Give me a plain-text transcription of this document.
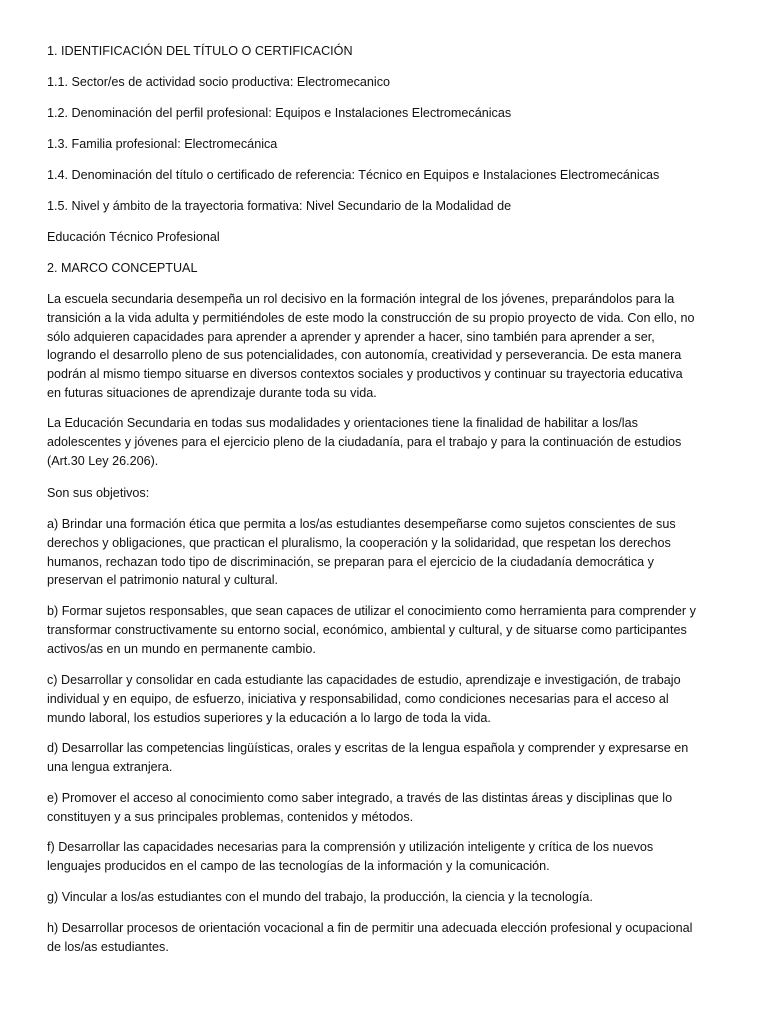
1. IDENTIFICACIÓN DEL TÍTULO O CERTIFICACIÓN

1.1. Sector/es de actividad socio productiva: Electromecanico

1.2. Denominación del perfil profesional: Equipos e Instalaciones Electromecánicas

1.3. Familia profesional: Electromecánica

1.4. Denominación del título o certificado de referencia: Técnico en Equipos e Instalaciones Electromecánicas

1.5. Nivel y ámbito de la trayectoria formativa: Nivel Secundario de la Modalidad de

Educación Técnico Profesional

2. MARCO CONCEPTUAL

La escuela secundaria desempeña un rol decisivo en la formación integral de los jóvenes, preparándolos para la
transición a la vida adulta y permitiéndoles de este modo la construcción de su propio proyecto de vida. Con ello, no
sólo adquieren capacidades para aprender a aprender y aprender a hacer, sino también para aprender a ser,
logrando el desarrollo pleno de sus potencialidades, con autonomía, creatividad y perseverancia. De esta manera
podrán al mismo tiempo situarse en diversos contextos sociales y productivos y continuar su trayectoria educativa
en futuras situaciones de aprendizaje durante toda su vida.
La Educación Secundaria en todas sus modalidades y orientaciones tiene la finalidad de habilitar a los/las
adolescentes y jóvenes para el ejercicio pleno de la ciudadanía, para el trabajo y para la continuación de estudios
(Art.30 Ley 26.206).

Son sus objetivos:

a) Brindar una formación ética que permita a los/as estudiantes desempeñarse como sujetos conscientes de sus
derechos y obligaciones, que practican el pluralismo, la cooperación y la solidaridad, que respetan los derechos
humanos, rechazan todo tipo de discriminación, se preparan para el ejercicio de la ciudadanía democrática y
preservan el patrimonio natural y cultural.
b) Formar sujetos responsables, que sean capaces de utilizar el conocimiento como herramienta para comprender y
transformar constructivamente su entorno social, económico, ambiental y cultural, y de situarse como participantes
activos/as en un mundo en permanente cambio.
c) Desarrollar y consolidar en cada estudiante las capacidades de estudio, aprendizaje e investigación, de trabajo
individual y en equipo, de esfuerzo, iniciativa y responsabilidad, como condiciones necesarias para el acceso al
mundo laboral, los estudios superiores y la educación a lo largo de toda la vida.
d) Desarrollar las competencias lingüísticas, orales y escritas de la lengua española y comprender y expresarse en
una lengua extranjera.
e) Promover el acceso al conocimiento como saber integrado, a través de las distintas áreas y disciplinas que lo
constituyen y a sus principales problemas, contenidos y métodos.
f) Desarrollar las capacidades necesarias para la comprensión y utilización inteligente y crítica de los nuevos
lenguajes producidos en el campo de las tecnologías de la información y la comunicación.

g) Vincular a los/as estudiantes con el mundo del trabajo, la producción, la ciencia y la tecnología.

h) Desarrollar procesos de orientación vocacional a fin de permitir una adecuada elección profesional y ocupacional
de los/as estudiantes.
